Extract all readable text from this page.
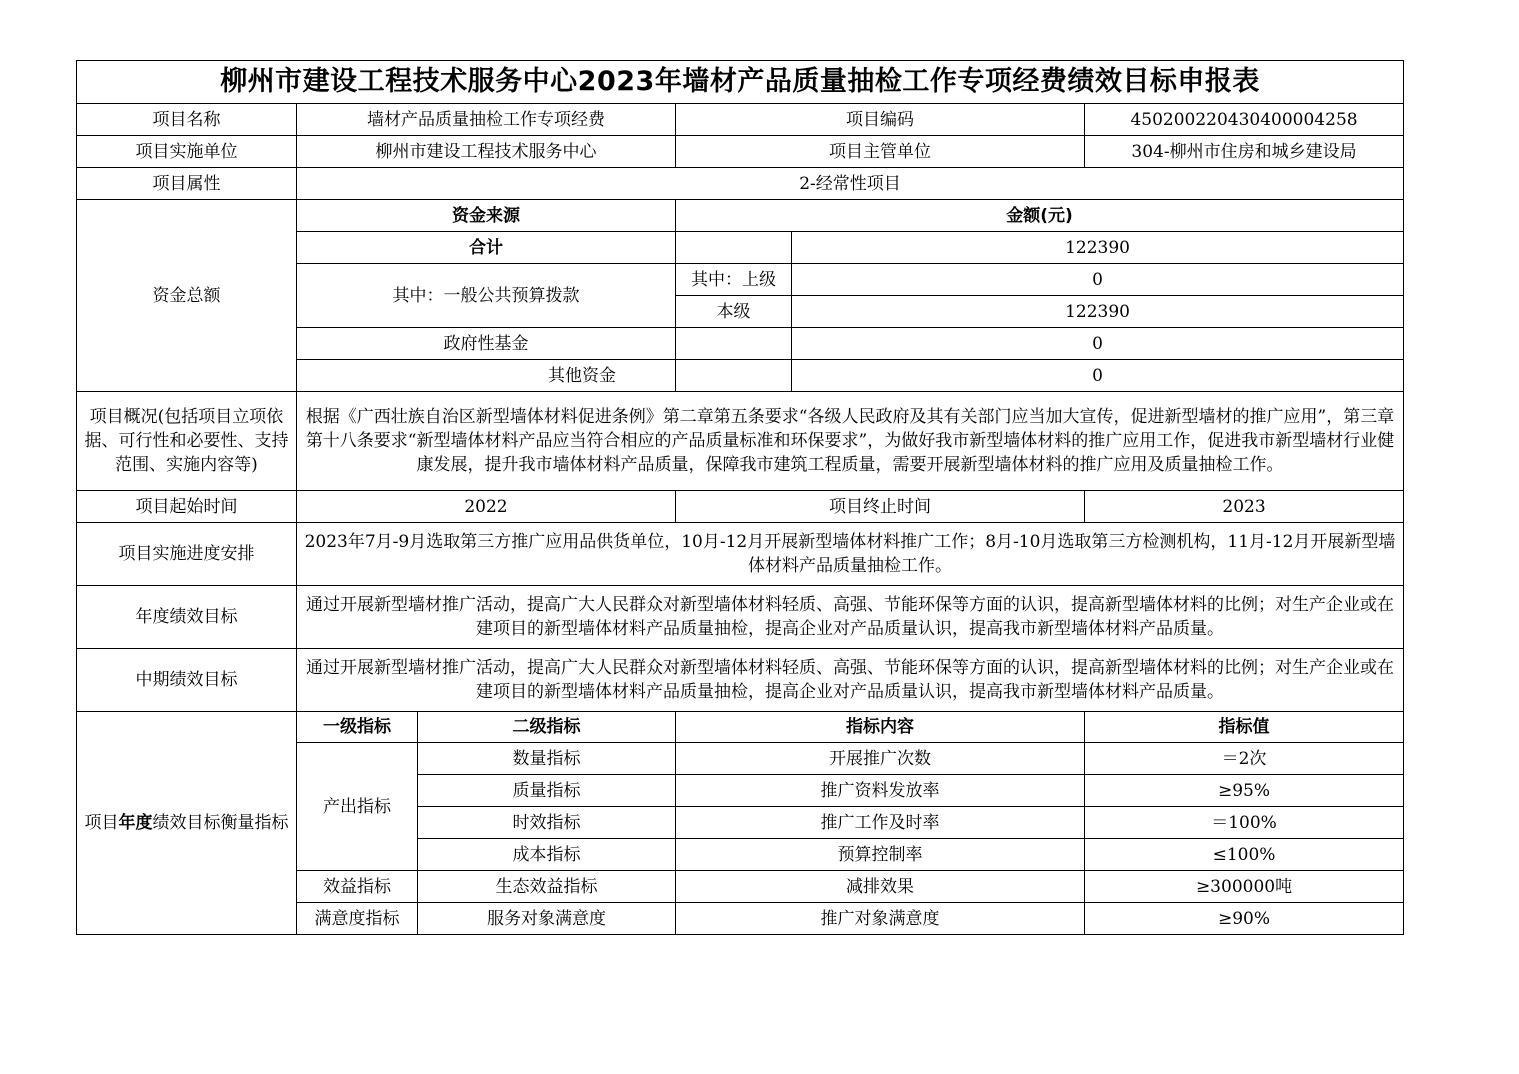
柳州市建设工程技术服务中心2023年墙材产品质量抽检工作专项经费绩效目标申报表					
项目名称	墙材产品质量抽检工作专项经费		项目编码		450200220430400004258
项目实施单位	柳州市建设工程技术服务中心		项目主管单位		304-柳州市住房和城乡建设局
项目属性	2-经常性项目				
资金总额	资金来源		金额(元)		
	合计			122390	
	其中：一般公共预算拨款		其中：上级	0	
			本级	122390	
	政府性基金			0	
	其他资金			0	
项目概况(包括项目立项依据、可行性和必要性、支持范围、实施内容等)	根据《广西壮族自治区新型墙体材料促进条例》第二章第五条要求“各级人民政府及其有关部门应当加大宣传，促进新型墙材的推广应用”，第三章第十八条要求“新型墙体材料产品应当符合相应的产品质量标准和环保要求”，为做好我市新型墙体材料的推广应用工作，促进我市新型墙材行业健康发展，提升我市墙体材料产品质量，保障我市建筑工程质量，需要开展新型墙体材料的推广应用及质量抽检工作。				
项目起始时间	2022		项目终止时间		2023
项目实施进度安排	2023年7月-9月选取第三方推广应用品供货单位，10月-12月开展新型墙体材料推广工作；8月-10月选取第三方检测机构，11月-12月开展新型墙体材料产品质量抽检工作。				
年度绩效目标	通过开展新型墙材推广活动，提高广大人民群众对新型墙体材料轻质、高强、节能环保等方面的认识，提高新型墙体材料的比例；对生产企业或在建项目的新型墙体材料产品质量抽检，提高企业对产品质量认识，提高我市新型墙体材料产品质量。				
中期绩效目标	通过开展新型墙材推广活动，提高广大人民群众对新型墙体材料轻质、高强、节能环保等方面的认识，提高新型墙体材料的比例；对生产企业或在建项目的新型墙体材料产品质量抽检，提高企业对产品质量认识，提高我市新型墙体材料产品质量。				
项目年度绩效目标衡量指标	一级指标	二级指标	指标内容		指标值
	产出指标	数量指标	开展推广次数		＝2次
		质量指标	推广资料发放率		≥95%
		时效指标	推广工作及时率		＝100%
		成本指标	预算控制率		≤100%
	效益指标	生态效益指标	减排效果		≥300000吨
	满意度指标	服务对象满意度	推广对象满意度		≥90%
